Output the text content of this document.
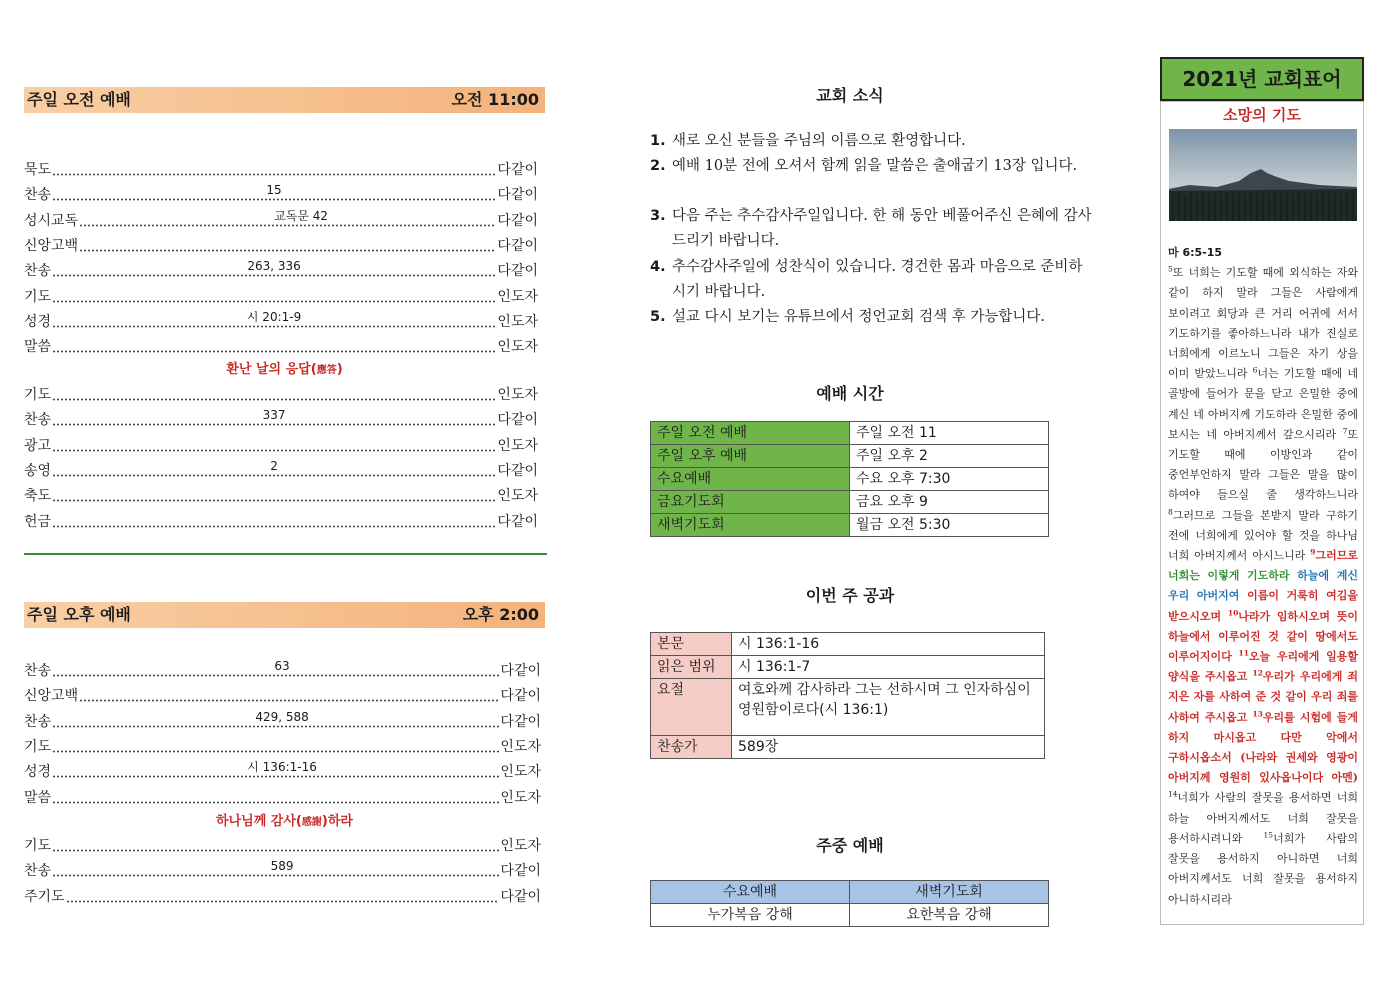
주일 오전 예배	오전 11:00
묵도	다같이
찬송	15	다같이
성시교독	교독문 42	다같이
신앙고백	다같이
찬송	263, 336	다같이
기도	인도자
성경	시 20:1-9	인도자
말씀	인도자
기도	인도자
찬송	337	다같이
광고	인도자
송영	2	다같이
축도	인도자
헌금	다같이
환난 날의 응답(應答)
주일 오후 예배	오후 2:00
찬송	63	다같이
신앙고백	다같이
찬송	429, 588	다같이
기도	인도자
성경	시 136:1-16	인도자
말씀	인도자
기도	인도자
찬송	589	다같이
주기도	다같이
하나님께 감사(感謝)하라
교회 소식
1. 새로 오신 분들을 주님의 이름으로 환영합니다.
2. 예배 10분 전에 오셔서 함께 읽을 말씀은 출애굽기 13장 입니다.
3. 다음 주는 추수감사주일입니다. 한 해 동안 베풀어주신 은혜에 감사 드리기 바랍니다.
4. 추수감사주일에 성찬식이 있습니다. 경건한 몸과 마음으로 준비하시기 바랍니다.
5. 설교 다시 보기는 유튜브에서 정언교회 검색 후 가능합니다.
예배 시간
주일 오전 예배	주일 오전 11
주일 오후 예배	주일 오후 2
수요예배	수요 오후 7:30
금요기도회	금요 오후 9
새벽기도회	월금 오전 5:30
이번 주 공과
본문	시 136:1-16
읽은 범위	시 136:1-7
요절	여호와께 감사하라 그는 선하시며 그 인자하심이 영원함이로다(시 136:1)
찬송가	589장
주중 예배
수요예배	새벽기도회
누가복음 강해	요한복음 강해
2021년 교회표어
소망의 기도
마 6:5-15
$^5$또 너희는 기도할 때에 외식하는 자와 같이 하지 말라 그들은 사람에게 보이려고 회당과 큰 거리 어귀에 서서 기도하기를 좋아하느니라 내가 진실로 너희에게 이르노니 그들은 자기 상을 이미 받았느니라 $^6$너는 기도할 때에 네 골방에 들어가 문을 닫고 은밀한 중에 계신 네 아버지께 기도하라 은밀한 중에 보시는 네 아버지께서 갚으시리라 $^7$또 기도할 때에 이방인과 같이 중언부언하지 말라 그들은 말을 많이 하여야 들으실 줄 생각하느니라 $^8$그러므로 그들을 본받지 말라 구하기 전에 너희에게 있어야 할 것을 하나님 너희 아버지께서 아시느니라 $^9$그러므로 너희는 이렇게 기도하라 하늘에 계신 우리 아버지여 이름이 거룩히 여김을 받으시오며 $^{10}$나라가 임하시오며 뜻이 하늘에서 이루어진 것 같이 땅에서도 이루어지이다 $^{11}$오늘 우리에게 일용할 양식을 주시옵고 $^{12}$우리가 우리에게 죄 지은 자를 사하여 준 것 같이 우리 죄를 사하여 주시옵고 $^{13}$우리를 시험에 들게 하지 마시옵고 다만 악에서 구하시옵소서 (나라와 권세와 영광이 아버지께 영원히 있사옵나이다 아멘) $^{14}$너희가 사람의 잘못을 용서하면 너희 하늘 아버지께서도 너희 잘못을 용서하시려니와 $^{15}$너희가 사람의 잘못을 용서하지 아니하면 너희 아버지께서도 너희 잘못을 용서하지 아니하시리라
